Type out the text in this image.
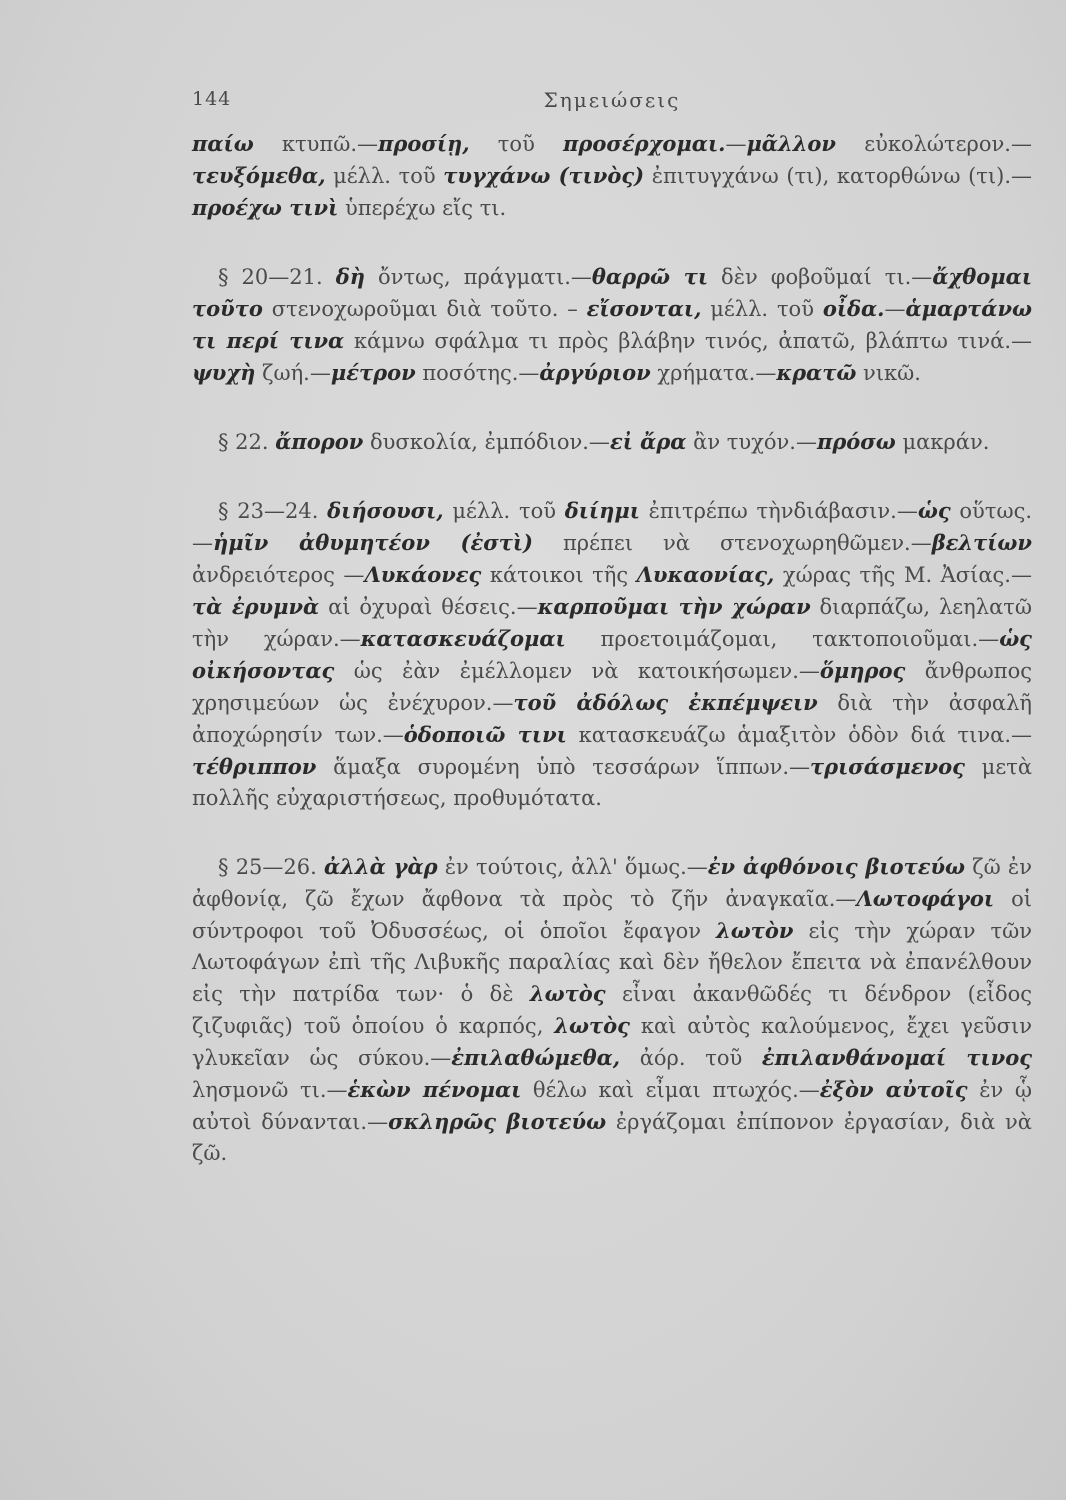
144	Σημειώσεις

παίω κτυπῶ.—προσίῃ, τοῦ προσέρχομαι.—μᾶλλον εὐκολώτερον.—τευξόμεθα, μέλλ. τοῦ τυγχάνω (τινὸς) ἐπιτυγχάνω (τι), κατορθώνω (τι).—προέχω τινὶ ὑπερέχω εἴς τι.

§ 20—21. δὴ ὄντως, πράγματι.—θαρρῶ τι δὲν φοβοῦμαί τι.—ἄχθομαι τοῦτο στενοχωροῦμαι διὰ τοῦτο. – εἴσονται, μέλλ. τοῦ οἶδα.—ἁμαρτάνω τι περί τινα κάμνω σφάλμα τι πρὸς βλάβην τινός, ἀπατῶ, βλάπτω τινά.—ψυχὴ ζωή.—μέτρον ποσότης.—ἀργύριον χρήματα.—κρατῶ νικῶ.

§ 22. ἄπορον δυσκολία, ἐμπόδιον.—εἰ ἄρα ἂν τυχόν.—πρόσω μακράν.

§ 23—24. διήσουσι, μέλλ. τοῦ διίημι ἐπιτρέπω τὴνδιάβασιν.—ὡς οὕτως.—ἡμῖν ἀθυμητέον (ἐστὶ) πρέπει νὰ στενοχωρηθῶμεν.—βελτίων ἀνδρειότερος —Λυκάονες κάτοικοι τῆς Λυκαονίας, χώρας τῆς Μ. Ἀσίας.—τὰ ἐρυμνὰ αἱ ὀχυραὶ θέσεις.—καρποῦμαι τὴν χώραν διαρπάζω, λεηλατῶ τὴν χώραν.—κατασκευάζομαι προετοιμάζομαι, τακτοποιοῦμαι.—ὡς οἰκήσοντας ὡς ἐὰν ἐμέλλομεν νὰ κατοικήσωμεν.—ὅμηρος ἄνθρωπος χρησιμεύων ὡς ἐνέχυρον.—τοῦ ἀδόλως ἐκπέμψειν διὰ τὴν ἀσφαλῆ ἀποχώρησίν των.—ὁδοποιῶ τινι κατασκευάζω ἁμαξιτὸν ὁδὸν διά τινα.—τέθριππον ἅμαξα συρομένη ὑπὸ τεσσάρων ἵππων.—τρισάσμενος μετὰ πολλῆς εὐχαριστήσεως, προθυμότατα.

§ 25—26. ἀλλὰ γὰρ ἐν τούτοις, ἀλλ' ὅμως.—ἐν ἀφθόνοις βιοτεύω ζῶ ἐν ἀφθονίᾳ, ζῶ ἔχων ἄφθονα τὰ πρὸς τὸ ζῆν ἀναγκαῖα.—Λωτοφάγοι οἱ σύντροφοι τοῦ Ὀδυσσέως, οἱ ὁποῖοι ἔφαγον λωτὸν εἰς τὴν χώραν τῶν Λωτοφάγων ἐπὶ τῆς Λιβυκῆς παραλίας καὶ δὲν ἤθελον ἔπειτα νὰ ἐπανέλθουν εἰς τὴν πατρίδα των· ὁ δὲ λωτὸς εἶναι ἀκανθῶδές τι δένδρον (εἶδος ζιζυφιᾶς) τοῦ ὁποίου ὁ καρπός, λωτὸς καὶ αὐτὸς καλούμενος, ἔχει γεῦσιν γλυκεῖαν ὡς σύκου.—ἐπιλαθώμεθα, ἀόρ. τοῦ ἐπιλανθάνομαί τινος λησμονῶ τι.—ἑκὼν πένομαι θέλω καὶ εἶμαι πτωχός.—ἐξὸν αὐτοῖς ἐν ᾧ αὐτοὶ δύνανται.—σκληρῶς βιοτεύω ἐργάζομαι ἐπίπονον ἐργασίαν, διὰ νὰ ζῶ.
